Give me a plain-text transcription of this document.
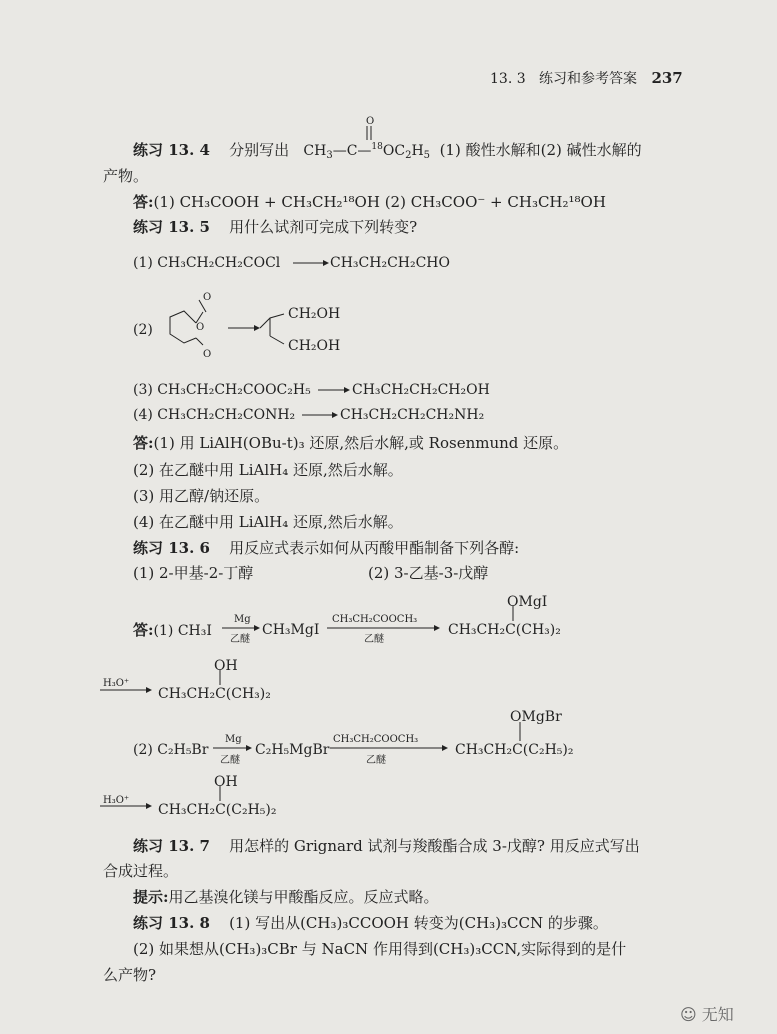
13. 3 练习和参考答案 237
O
练习 13. 4 分别写出 $CH_3—C—^{18}OC_2H_5$ (1) 酸性水解和(2) 碱性水解的
产物。
答:(1) CH₃COOH + CH₃CH₂¹⁸OH (2) CH₃COO⁻ + CH₃CH₂¹⁸OH
练习 13. 5 用什么试剂可完成下列转变?
(1) CH₃CH₂CH₂COCl	CH₃CH₂CH₂CHO
(2)
O
O
O
CH₂OH
CH₂OH
(3) CH₃CH₂CH₂COOC₂H₅	CH₃CH₂CH₂CH₂OH
(4) CH₃CH₂CH₂CONH₂	CH₃CH₂CH₂CH₂NH₂
答:(1) 用 LiAlH(OBu-t)₃ 还原,然后水解,或 Rosenmund 还原。
(2) 在乙醚中用 LiAlH₄ 还原,然后水解。
(3) 用乙醇/钠还原。
(4) 在乙醚中用 LiAlH₄ 还原,然后水解。
练习 13. 6 用反应式表示如何从丙酸甲酯制备下列各醇:
(1) 2-甲基-2-丁醇	(2) 3-乙基-3-戊醇
Mg
乙醚
CH₃CH₂COOCH₃
乙醚
OMgI
答:(1) CH₃I	CH₃MgI	CH₃CH₂C(CH₃)₂
H₃O⁺
OH
CH₃CH₂C(CH₃)₂
OMgBr
Mg
乙醚
CH₃CH₂COOCH₃
乙醚
(2) C₂H₅Br	C₂H₅MgBr	CH₃CH₂C(C₂H₅)₂
H₃O⁺
OH
CH₃CH₂C(C₂H₅)₂
练习 13. 7 用怎样的 Grignard 试剂与羧酸酯合成 3-戊醇? 用反应式写出
合成过程。
提示:用乙基溴化镁与甲酸酯反应。反应式略。
练习 13. 8 (1) 写出从(CH₃)₃CCOOH 转变为(CH₃)₃CCN 的步骤。
(2) 如果想从(CH₃)₃CBr 与 NaCN 作用得到(CH₃)₃CCN,实际得到的是什
么产物?
☺ 无知
